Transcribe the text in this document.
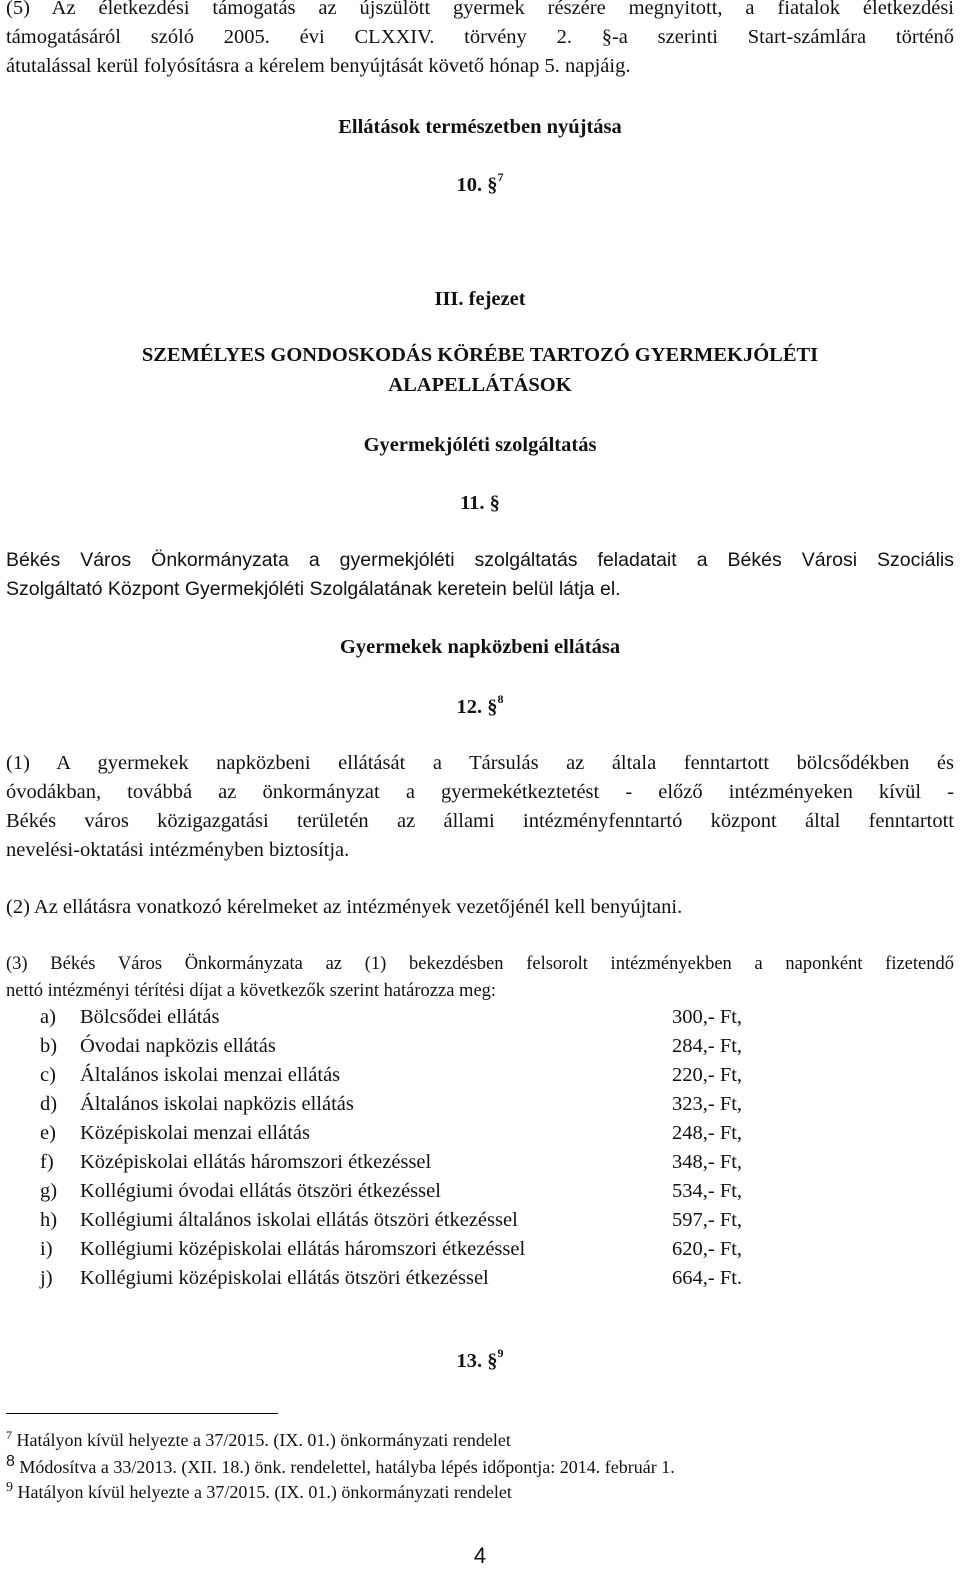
(5) Az életkezdési támogatás az újszülött gyermek részére megnyitott, a fiatalok életkezdési

támogatásáról szóló 2005. évi CLXXIV. törvény 2. §-a szerinti Start-számlára történő

átutalással kerül folyósításra a kérelem benyújtását követő hónap 5. napjáig.

Ellátások természetben nyújtása

10. §$^7$

III. fejezet

SZEMÉLYES GONDOSKODÁS KÖRÉBE TARTOZÓ GYERMEKJÓLÉTI

ALAPELLÁTÁSOK

Gyermekjóléti szolgáltatás

11. §

Békés Város Önkormányzata a gyermekjóléti szolgáltatás feladatait a Békés Városi Szociális

Szolgáltató Központ Gyermekjóléti Szolgálatának keretein belül látja el.

Gyermekek napközbeni ellátása

12. §$^8$

(1) A gyermekek napközbeni ellátását a Társulás az általa fenntartott bölcsődékben és

óvodákban, továbbá az önkormányzat a gyermekétkeztetést - előző intézményeken kívül -

Békés város közigazgatási területén az állami intézményfenntartó központ által fenntartott

nevelési-oktatási intézményben biztosítja.

(2) Az ellátásra vonatkozó kérelmeket az intézmények vezetőjénél kell benyújtani.

(3) Békés Város Önkormányzata az (1) bekezdésben felsorolt intézményekben a naponként fizetendő

nettó intézményi térítési díjat a következők szerint határozza meg:

a) Bölcsődei ellátás	300,- Ft,
b) Óvodai napközis ellátás	284,- Ft,
c) Általános iskolai menzai ellátás	220,- Ft,
d) Általános iskolai napközis ellátás	323,- Ft,
e) Középiskolai menzai ellátás	248,- Ft,
f) Középiskolai ellátás háromszori étkezéssel	348,- Ft,
g) Kollégiumi óvodai ellátás ötszöri étkezéssel	534,- Ft,
h) Kollégiumi általános iskolai ellátás ötszöri étkezéssel	597,- Ft,
i) Kollégiumi középiskolai ellátás háromszori étkezéssel	620,- Ft,
j) Kollégiumi középiskolai ellátás ötszöri étkezéssel	664,- Ft.

13. §$^9$

$^7$ Hatályon kívül helyezte a 37/2015. (IX. 01.) önkormányzati rendelet
8 Módosítva a 33/2013. (XII. 18.) önk. rendelettel, hatályba lépés időpontja: 2014. február 1.
$^9$ Hatályon kívül helyezte a 37/2015. (IX. 01.) önkormányzati rendelet
4
